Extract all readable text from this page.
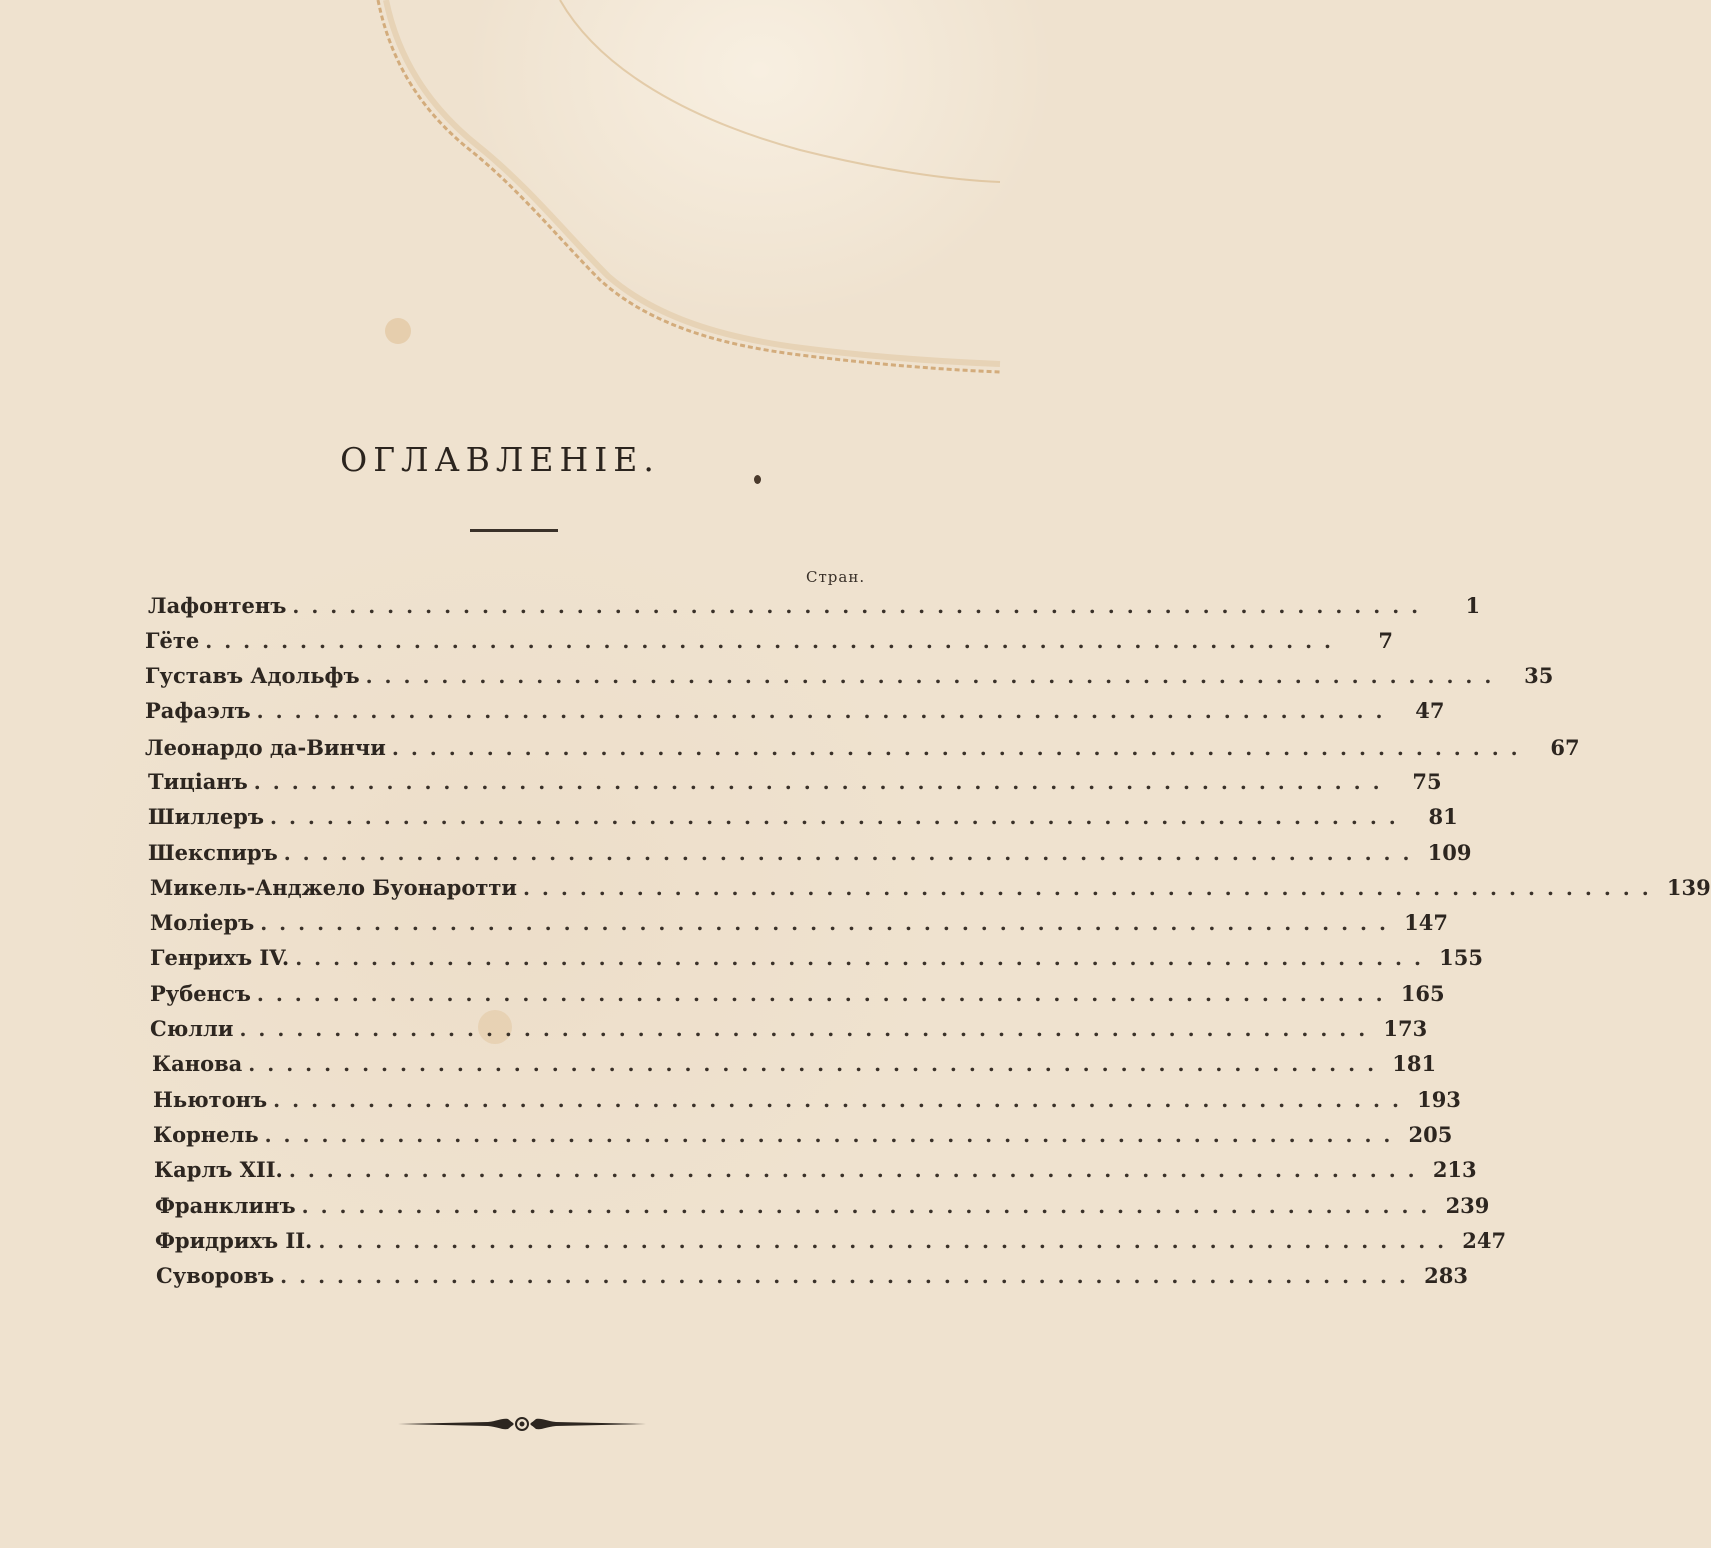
ОГЛАВЛЕНІЕ.
Стран.
Лафонтенъ ............................................................	1
Гёте ............................................................	7
Густавъ Адольфъ ............................................................ 35
Рафаэлъ ............................................................ 47
Леонардо да-Винчи ............................................................ 67
Тиціанъ ............................................................ 75
Шиллеръ ............................................................ 81
Шекспиръ ............................................................ 109
Микель-Анджело Буонаротти ............................................................ 139
Моліеръ ............................................................ 147
Генрихъ IV. ............................................................ 155
Рубенсъ ............................................................ 165
Сюлли ............................................................ 173
Канова ............................................................ 181
Ньютонъ ............................................................ 193
Корнель ............................................................ 205
Карлъ XII. ............................................................ 213
Франклинъ ............................................................ 239
Фридрихъ II. ............................................................ 247
Суворовъ ............................................................ 283
